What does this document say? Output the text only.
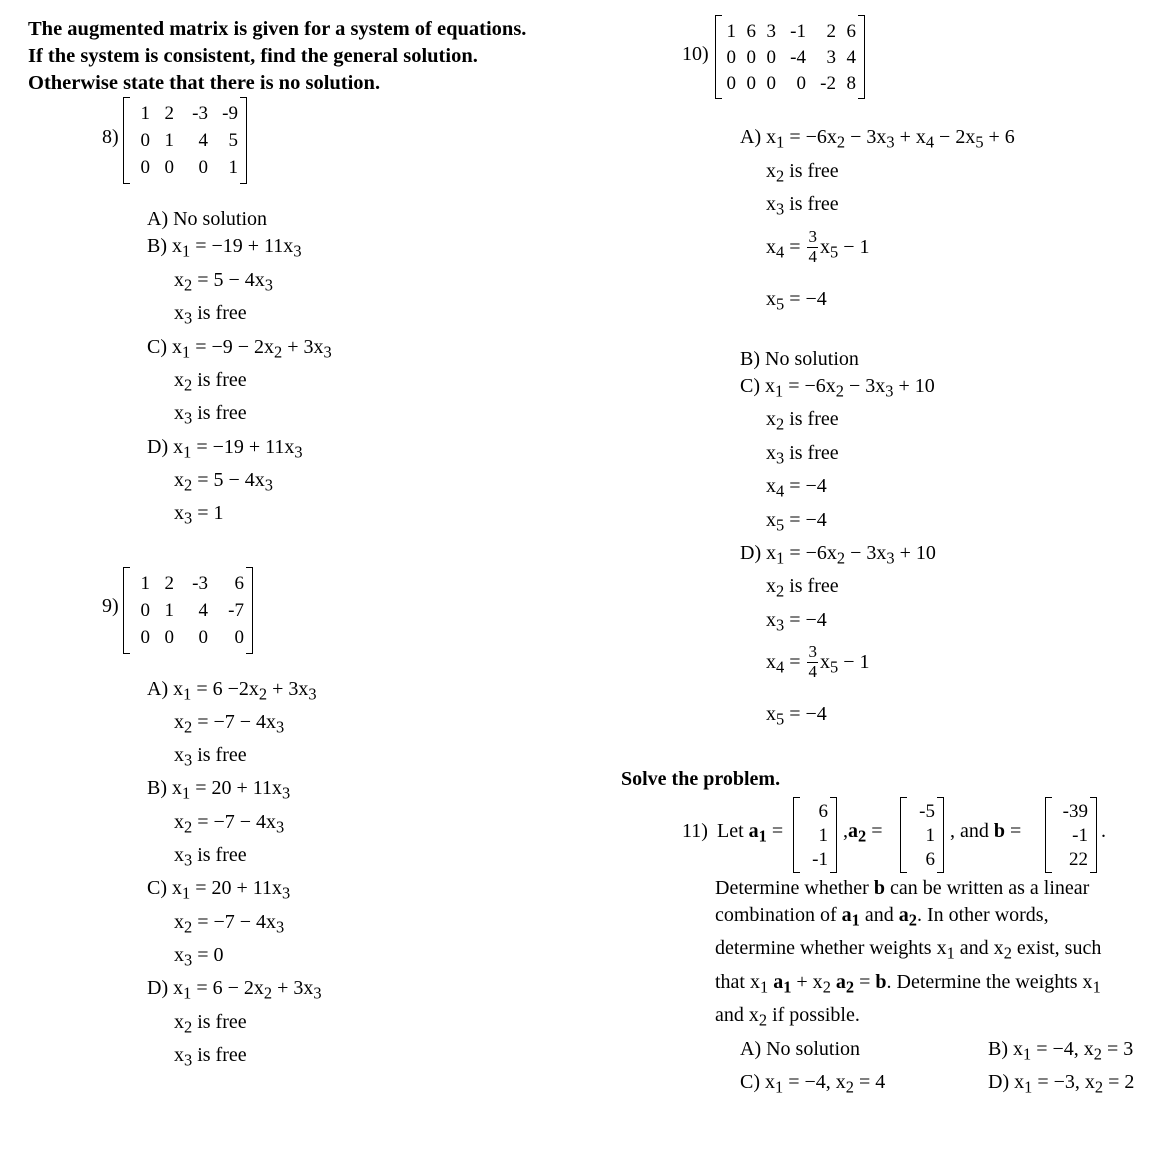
The augmented matrix is given for a system of equations.
If the system is consistent, find the general solution.
Otherwise state that there is no solution.
8)
1	2	-3	-9
0	1	4	5
0	0	0	1
A) No solution
B) $x_1 = -19 + 11x_3$
$x_2 = 5 - 4x_3$
$x_3$ is free
C) $x_1 = -9 - 2x_2 + 3x_3$
$x_2$ is free
$x_3$ is free
D) $x_1 = -19 + 11x_3$
$x_2 = 5 - 4x_3$
$x_3 = 1$
9)
1	2	-3	6
0	1	4	-7
0	0	0	0
A) $x_1 = 6 -2x_2 + 3x_3$
$x_2 = -7 - 4x_3$
$x_3$ is free
B) $x_1 = 20 + 11x_3$
$x_2 = -7 - 4x_3$
$x_3$ is free
C) $x_1 = 20 + 11x_3$
$x_2 = -7 - 4x_3$
$x_3 = 0$
D) $x_1 = 6 - 2x_2 + 3x_3$
$x_2$ is free
$x_3$ is free
10)
1	6	3	-1	2	6
0	0	0	-4	3	4
0	0	0	0	-2	8
A) $x_1 = -6x_2 - 3x_3 + x_4 - 2x_5 + 6$
$x_2$ is free
$x_3$ is free
$x_4 = \frac{3}{4} x_5 - 1$
$x_5 = -4$
B) No solution
C) $x_1 = -6x_2 - 3x_3 + 10$
$x_2$ is free
$x_3$ is free
$x_4 = -4$
$x_5 = -4$
D) $x_1 = -6x_2 - 3x_3 + 10$
$x_2$ is free
$x_3 = -4$
$x_4 = \frac{3}{4} x_5 - 1$
$x_5 = -4$
Solve the problem.
11) Let $a_1$ =
6
1
-1
$,a_2$ =
-5
1
6
, and b =
-39
-1
22
.
Determine whether b can be written as a linear
combination of $a_1$ and $a_2$. In other words,
determine whether weights $x_1$ and $x_2$ exist, such
that $x_1$ $a_1 + x_2$ $a_2 = b$. Determine the weights $x_1$
and $x_2$ if possible.
A) No solution	B) $x_1 = -4$, $x_2 = 3$
C) $x_1 = -4$, $x_2 = 4$	D) $x_1 = -3$, $x_2 = 2$
